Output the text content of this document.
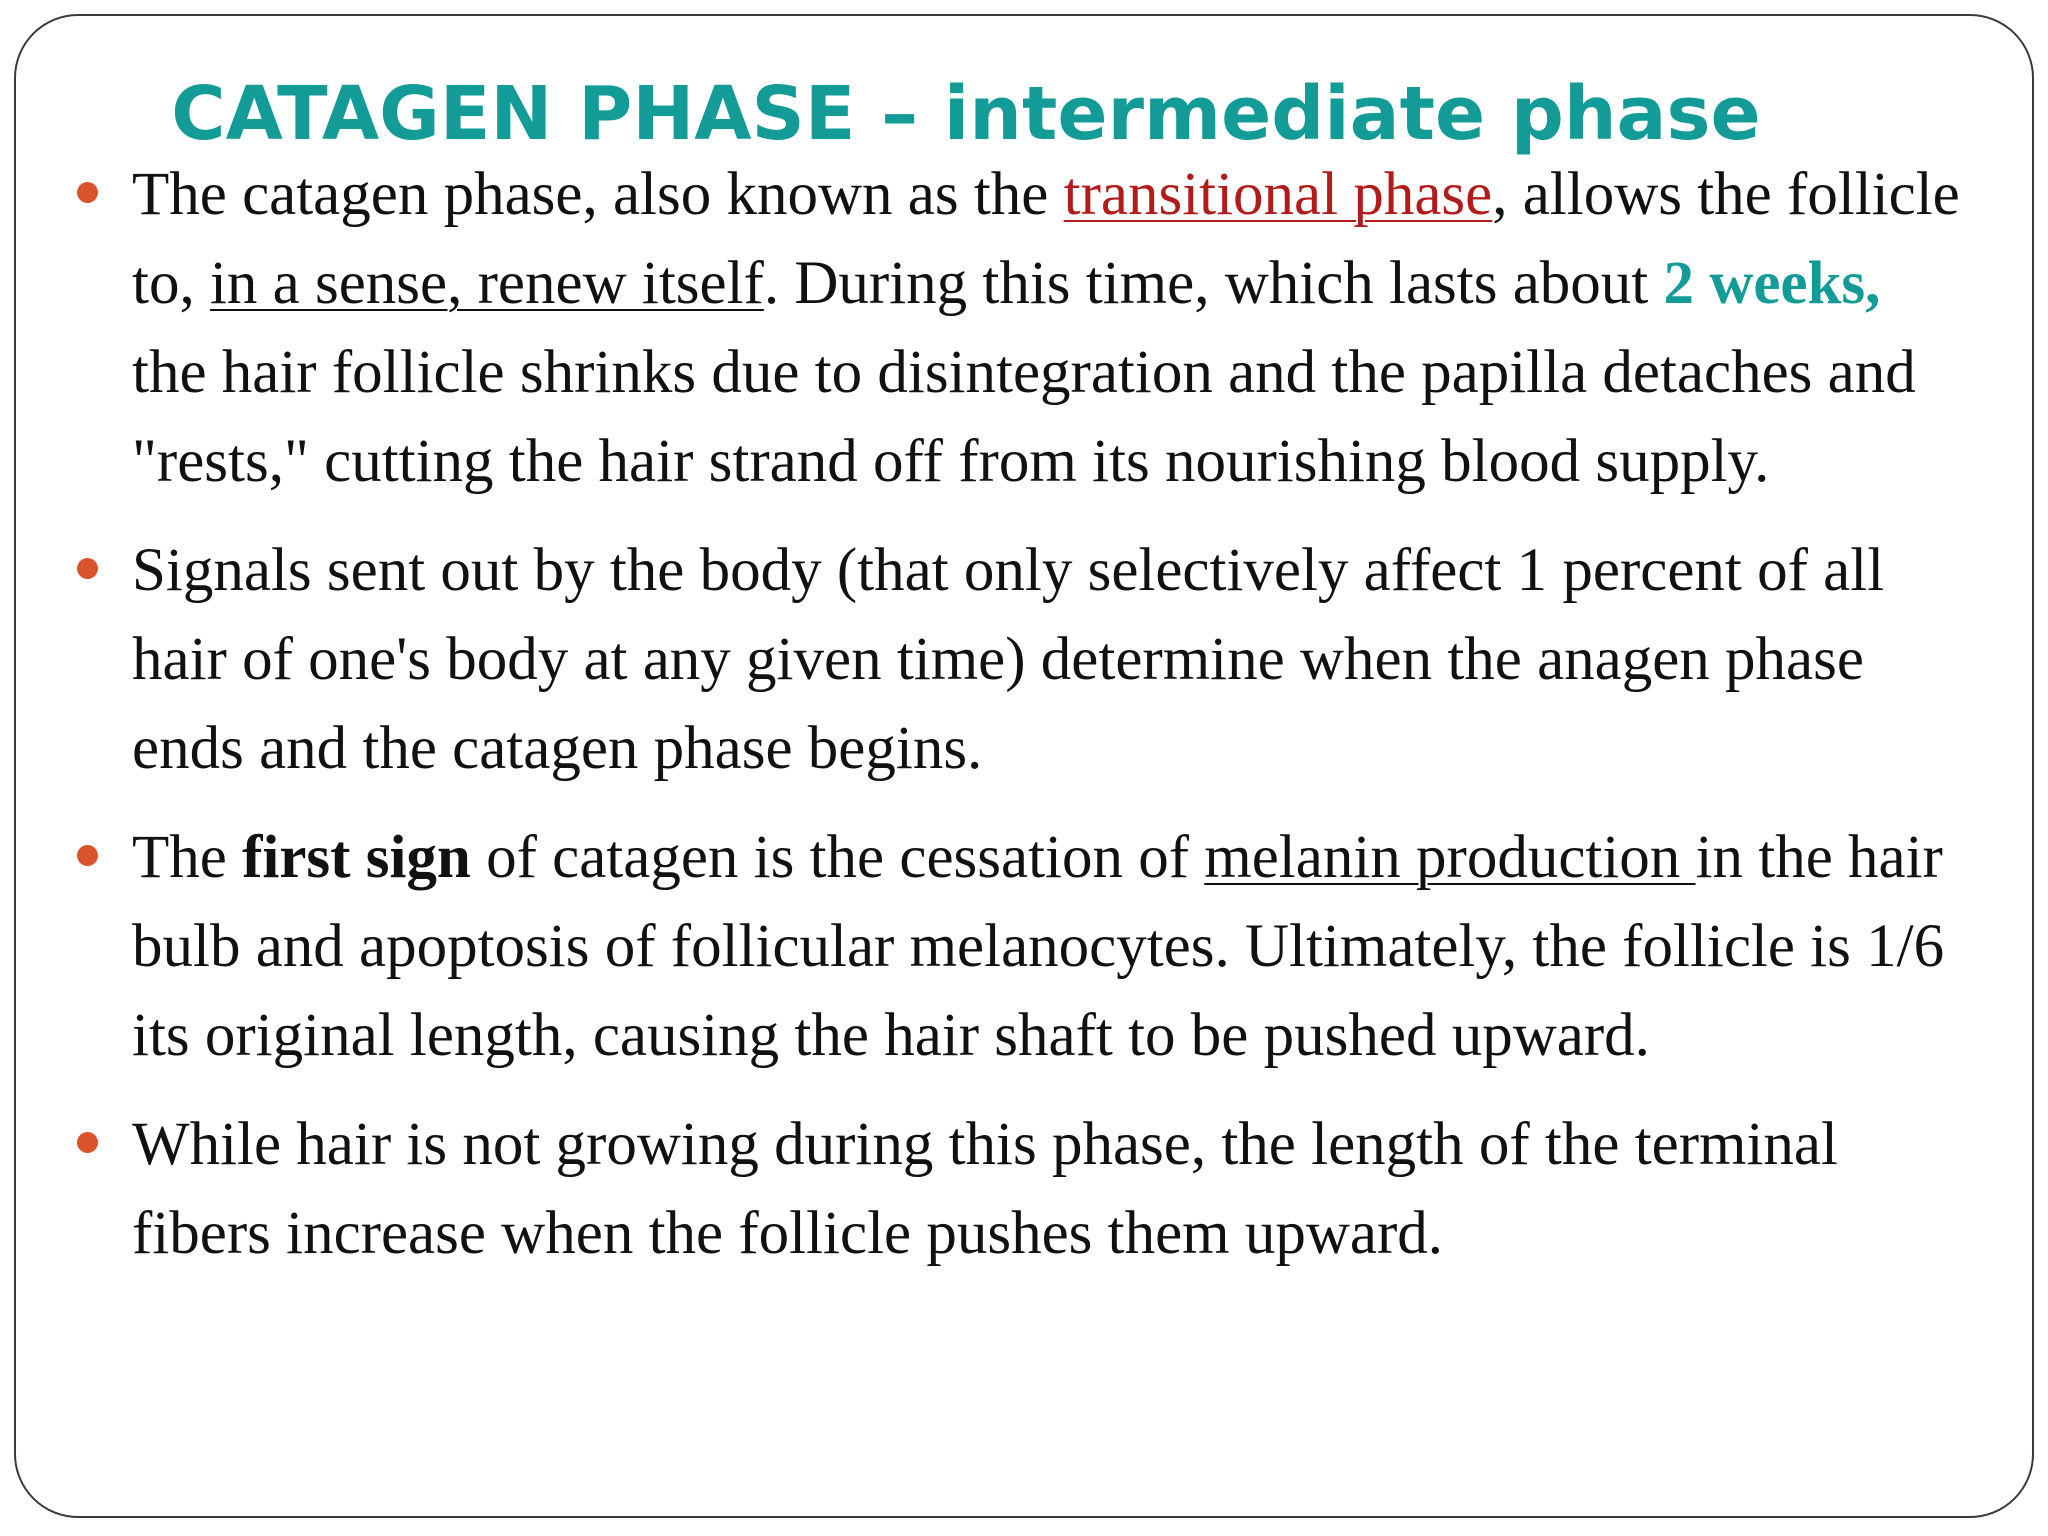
CATAGEN PHASE – intermediate phase
The catagen phase, also known as the transitional phase, allows the follicle to, in a sense, renew itself. During this time, which lasts about 2 weeks, the hair follicle shrinks due to disintegration and the papilla detaches and "rests," cutting the hair strand off from its nourishing blood supply.
Signals sent out by the body (that only selectively affect 1 percent of all hair of one's body at any given time) determine when the anagen phase ends and the catagen phase begins.
The first sign of catagen is the cessation of melanin production in the hair bulb and apoptosis of follicular melanocytes. Ultimately, the follicle is 1/6 its original length, causing the hair shaft to be pushed upward.
While hair is not growing during this phase, the length of the terminal fibers increase when the follicle pushes them upward.
